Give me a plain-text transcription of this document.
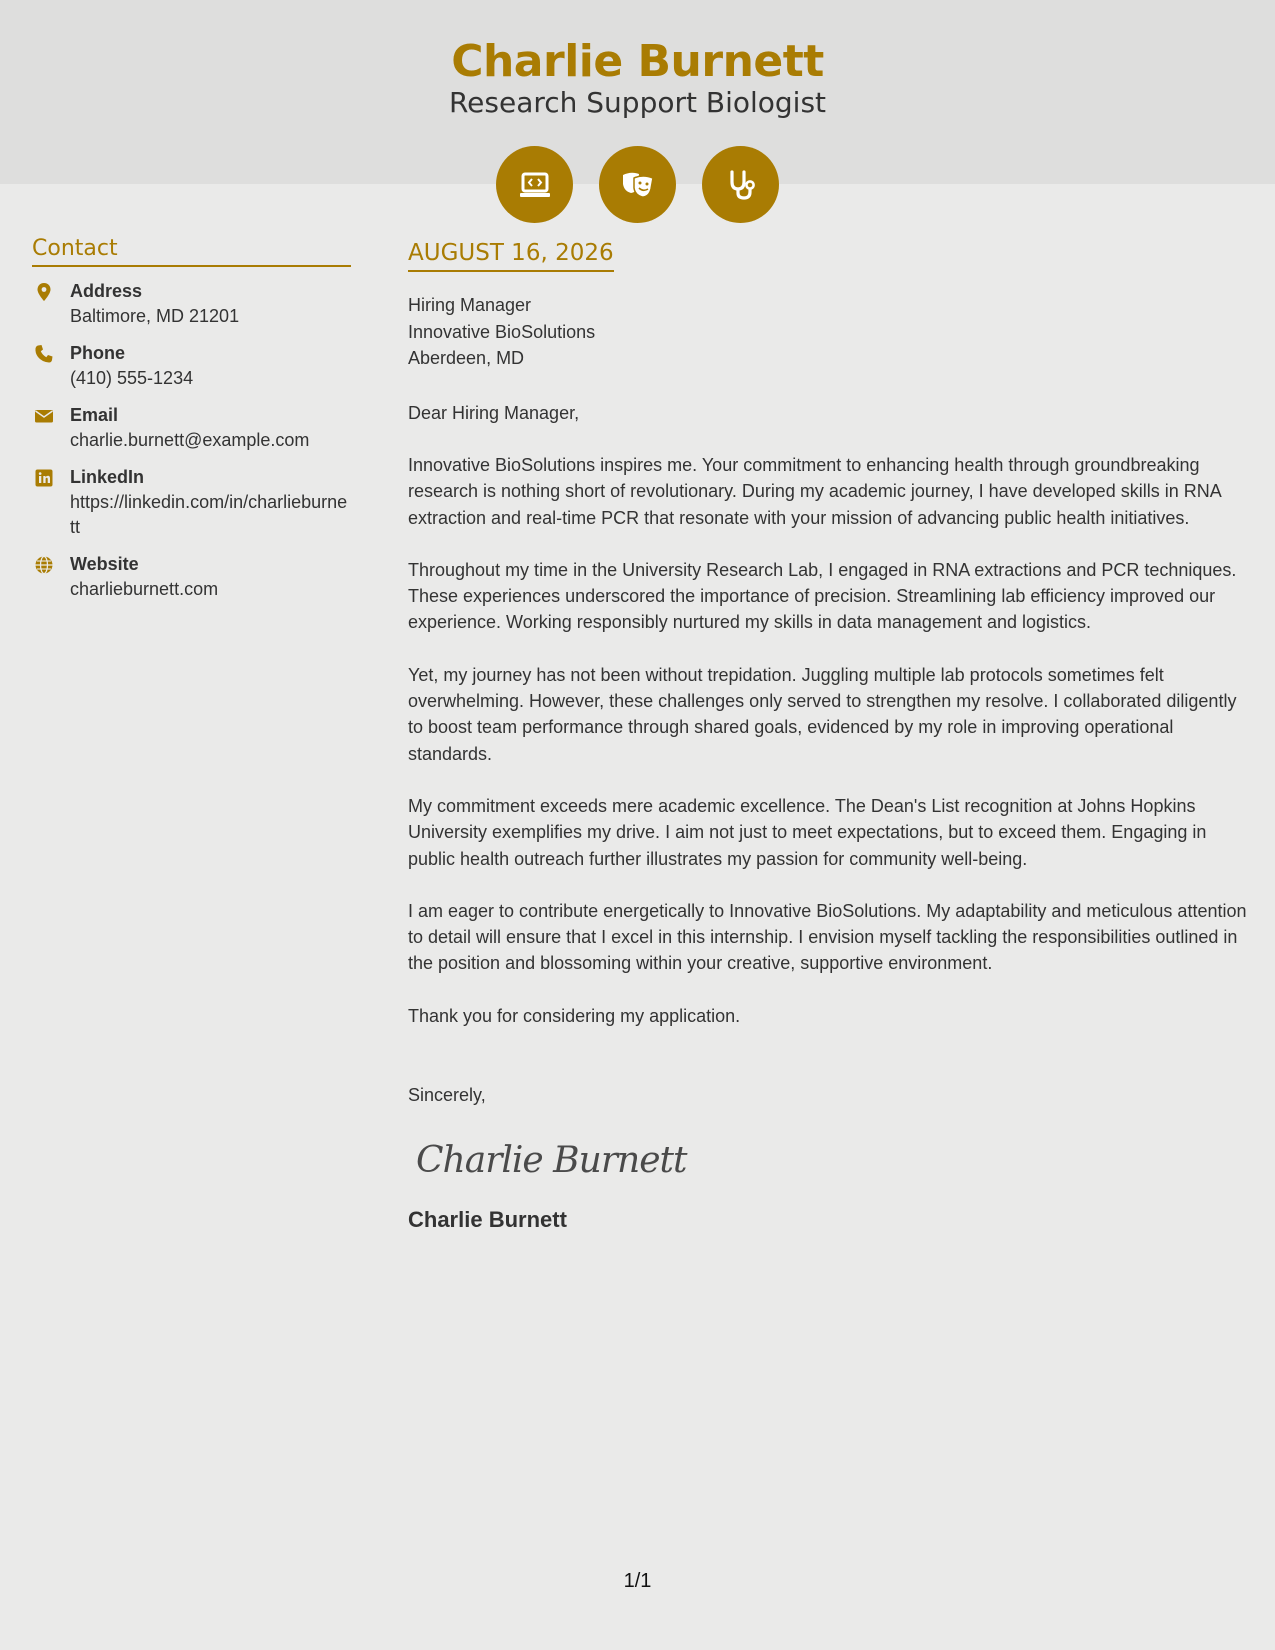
Charlie Burnett
Research Support Biologist
Contact
Address
Baltimore, MD 21201
Phone
(410) 555-1234
Email
charlie.burnett@example.com
LinkedIn
https://linkedin.com/in/charlieburnett
Website
charlieburnett.com
AUGUST 16, 2026
Hiring Manager
Innovative BioSolutions
Aberdeen, MD
Dear Hiring Manager,

Innovative BioSolutions inspires me. Your commitment to enhancing health through groundbreaking research is nothing short of revolutionary. During my academic journey, I have developed skills in RNA extraction and real-time PCR that resonate with your mission of advancing public health initiatives.

Throughout my time in the University Research Lab, I engaged in RNA extractions and PCR techniques. These experiences underscored the importance of precision. Streamlining lab efficiency improved our experience. Working responsibly nurtured my skills in data management and logistics.

Yet, my journey has not been without trepidation. Juggling multiple lab protocols sometimes felt overwhelming. However, these challenges only served to strengthen my resolve. I collaborated diligently to boost team performance through shared goals, evidenced by my role in improving operational standards.

My commitment exceeds mere academic excellence. The Dean's List recognition at Johns Hopkins University exemplifies my drive. I aim not just to meet expectations, but to exceed them. Engaging in public health outreach further illustrates my passion for community well-being.

I am eager to contribute energetically to Innovative BioSolutions. My adaptability and meticulous attention to detail will ensure that I excel in this internship. I envision myself tackling the responsibilities outlined in the position and blossoming within your creative, supportive environment.

Thank you for considering my application.

Sincerely,
Charlie Burnett
Charlie Burnett
1/1
